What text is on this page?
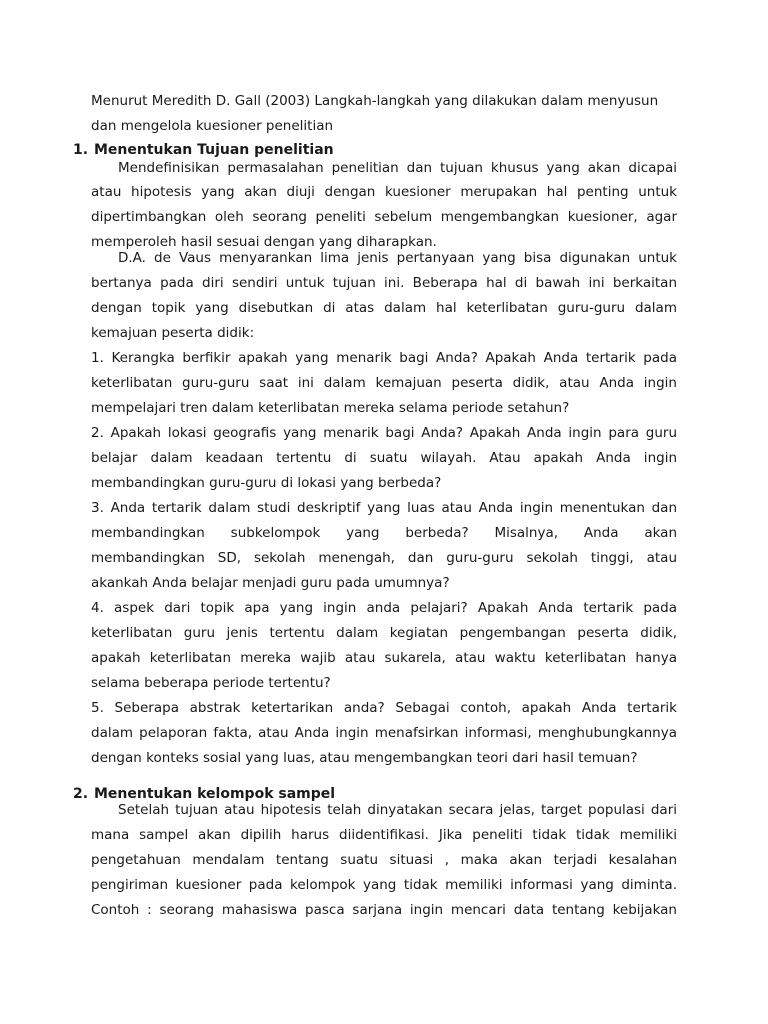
Menurut Meredith D. Gall (2003) Langkah-langkah yang dilakukan dalam menyusun

dan mengelola kuesioner penelitian

1. Menentukan Tujuan penelitian

Mendefinisikan permasalahan penelitian dan tujuan khusus yang akan dicapai

atau hipotesis yang akan diuji dengan kuesioner merupakan hal penting untuk

dipertimbangkan oleh seorang peneliti sebelum mengembangkan kuesioner, agar

memperoleh hasil sesuai dengan yang diharapkan.

D.A. de Vaus menyarankan lima jenis pertanyaan yang bisa digunakan untuk

bertanya pada diri sendiri untuk tujuan ini. Beberapa hal di bawah ini berkaitan

dengan topik yang disebutkan di atas dalam hal keterlibatan guru-guru dalam

kemajuan peserta didik:

1. Kerangka berfikir apakah yang menarik bagi Anda? Apakah Anda tertarik pada

keterlibatan guru-guru saat ini dalam kemajuan peserta didik, atau Anda ingin

mempelajari tren dalam keterlibatan mereka selama periode setahun?

2. Apakah lokasi geografis yang menarik bagi Anda? Apakah Anda ingin para guru

belajar dalam keadaan tertentu di suatu wilayah. Atau apakah Anda ingin

membandingkan guru-guru di lokasi yang berbeda?

3. Anda tertarik dalam studi deskriptif yang luas atau Anda ingin menentukan dan

membandingkan subkelompok yang berbeda? Misalnya, Anda akan

membandingkan SD, sekolah menengah, dan guru-guru sekolah tinggi, atau

akankah Anda belajar menjadi guru pada umumnya?

4. aspek dari topik apa yang ingin anda pelajari? Apakah Anda tertarik pada

keterlibatan guru jenis tertentu dalam kegiatan pengembangan peserta didik,

apakah keterlibatan mereka wajib atau sukarela, atau waktu keterlibatan hanya

selama beberapa periode tertentu?

5. Seberapa abstrak ketertarikan anda? Sebagai contoh, apakah Anda tertarik

dalam pelaporan fakta, atau Anda ingin menafsirkan informasi, menghubungkannya

dengan konteks sosial yang luas, atau mengembangkan teori dari hasil temuan?

2. Menentukan kelompok sampel

Setelah tujuan atau hipotesis telah dinyatakan secara jelas, target populasi dari

mana sampel akan dipilih harus diidentifikasi. Jika peneliti tidak tidak memiliki

pengetahuan mendalam tentang suatu situasi , maka akan terjadi kesalahan

pengiriman kuesioner pada kelompok yang tidak memiliki informasi yang diminta.

Contoh : seorang mahasiswa pasca sarjana ingin mencari data tentang kebijakan
